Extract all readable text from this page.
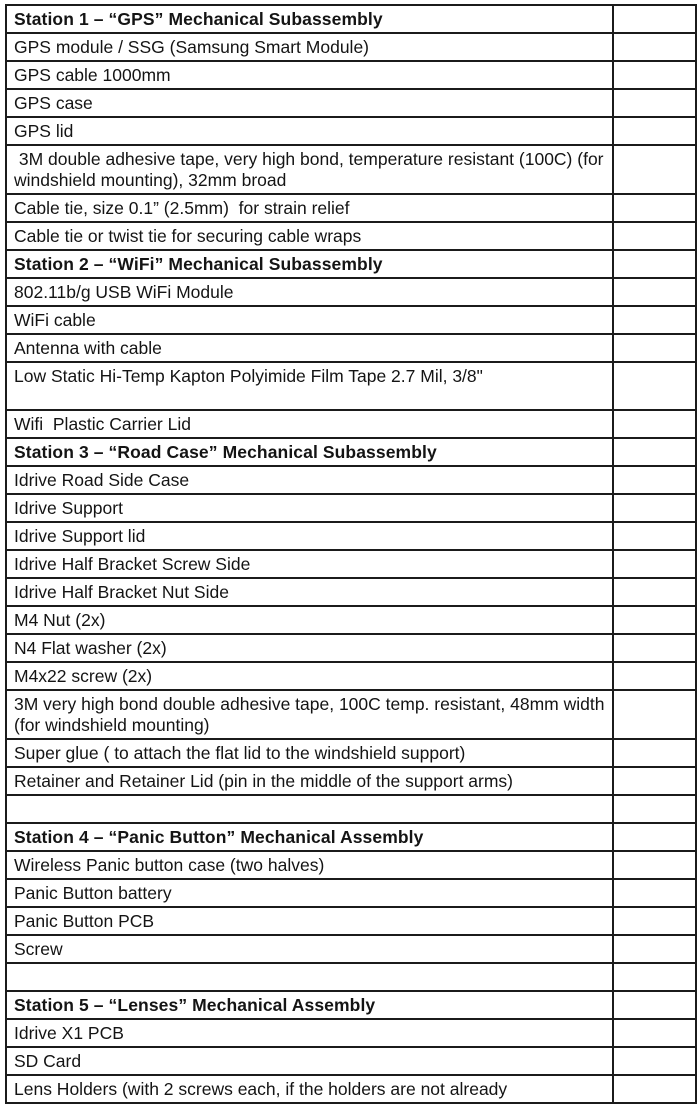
Station 1 – “GPS” Mechanical Subassembly	
GPS module / SSG (Samsung Smart Module)	
GPS cable 1000mm	
GPS case	
GPS lid	
3M double adhesive tape, very high bond, temperature resistant (100C) (for windshield mounting), 32mm broad	
Cable tie, size 0.1” (2.5mm)  for strain relief	
Cable tie or twist tie for securing cable wraps	
Station 2 – “WiFi” Mechanical Subassembly	
802.11b/g USB WiFi Module	
WiFi cable	
Antenna with cable	
Low Static Hi-Temp Kapton Polyimide Film Tape 2.7 Mil, 3/8"	
Wifi  Plastic Carrier Lid	
Station 3 – “Road Case” Mechanical Subassembly	
Idrive Road Side Case	
Idrive Support	
Idrive Support lid	
Idrive Half Bracket Screw Side	
Idrive Half Bracket Nut Side	
M4 Nut (2x)	
N4 Flat washer (2x)	
M4x22 screw (2x)	
3M very high bond double adhesive tape, 100C temp. resistant, 48mm width (for windshield mounting)	
Super glue ( to attach the flat lid to the windshield support)	
Retainer and Retainer Lid (pin in the middle of the support arms)	

Station 4 – “Panic Button” Mechanical Assembly	
Wireless Panic button case (two halves)	
Panic Button battery	
Panic Button PCB	
Screw	

Station 5 – “Lenses” Mechanical Assembly	
Idrive X1 PCB	
SD Card	
Lens Holders (with 2 screws each, if the holders are not already	
